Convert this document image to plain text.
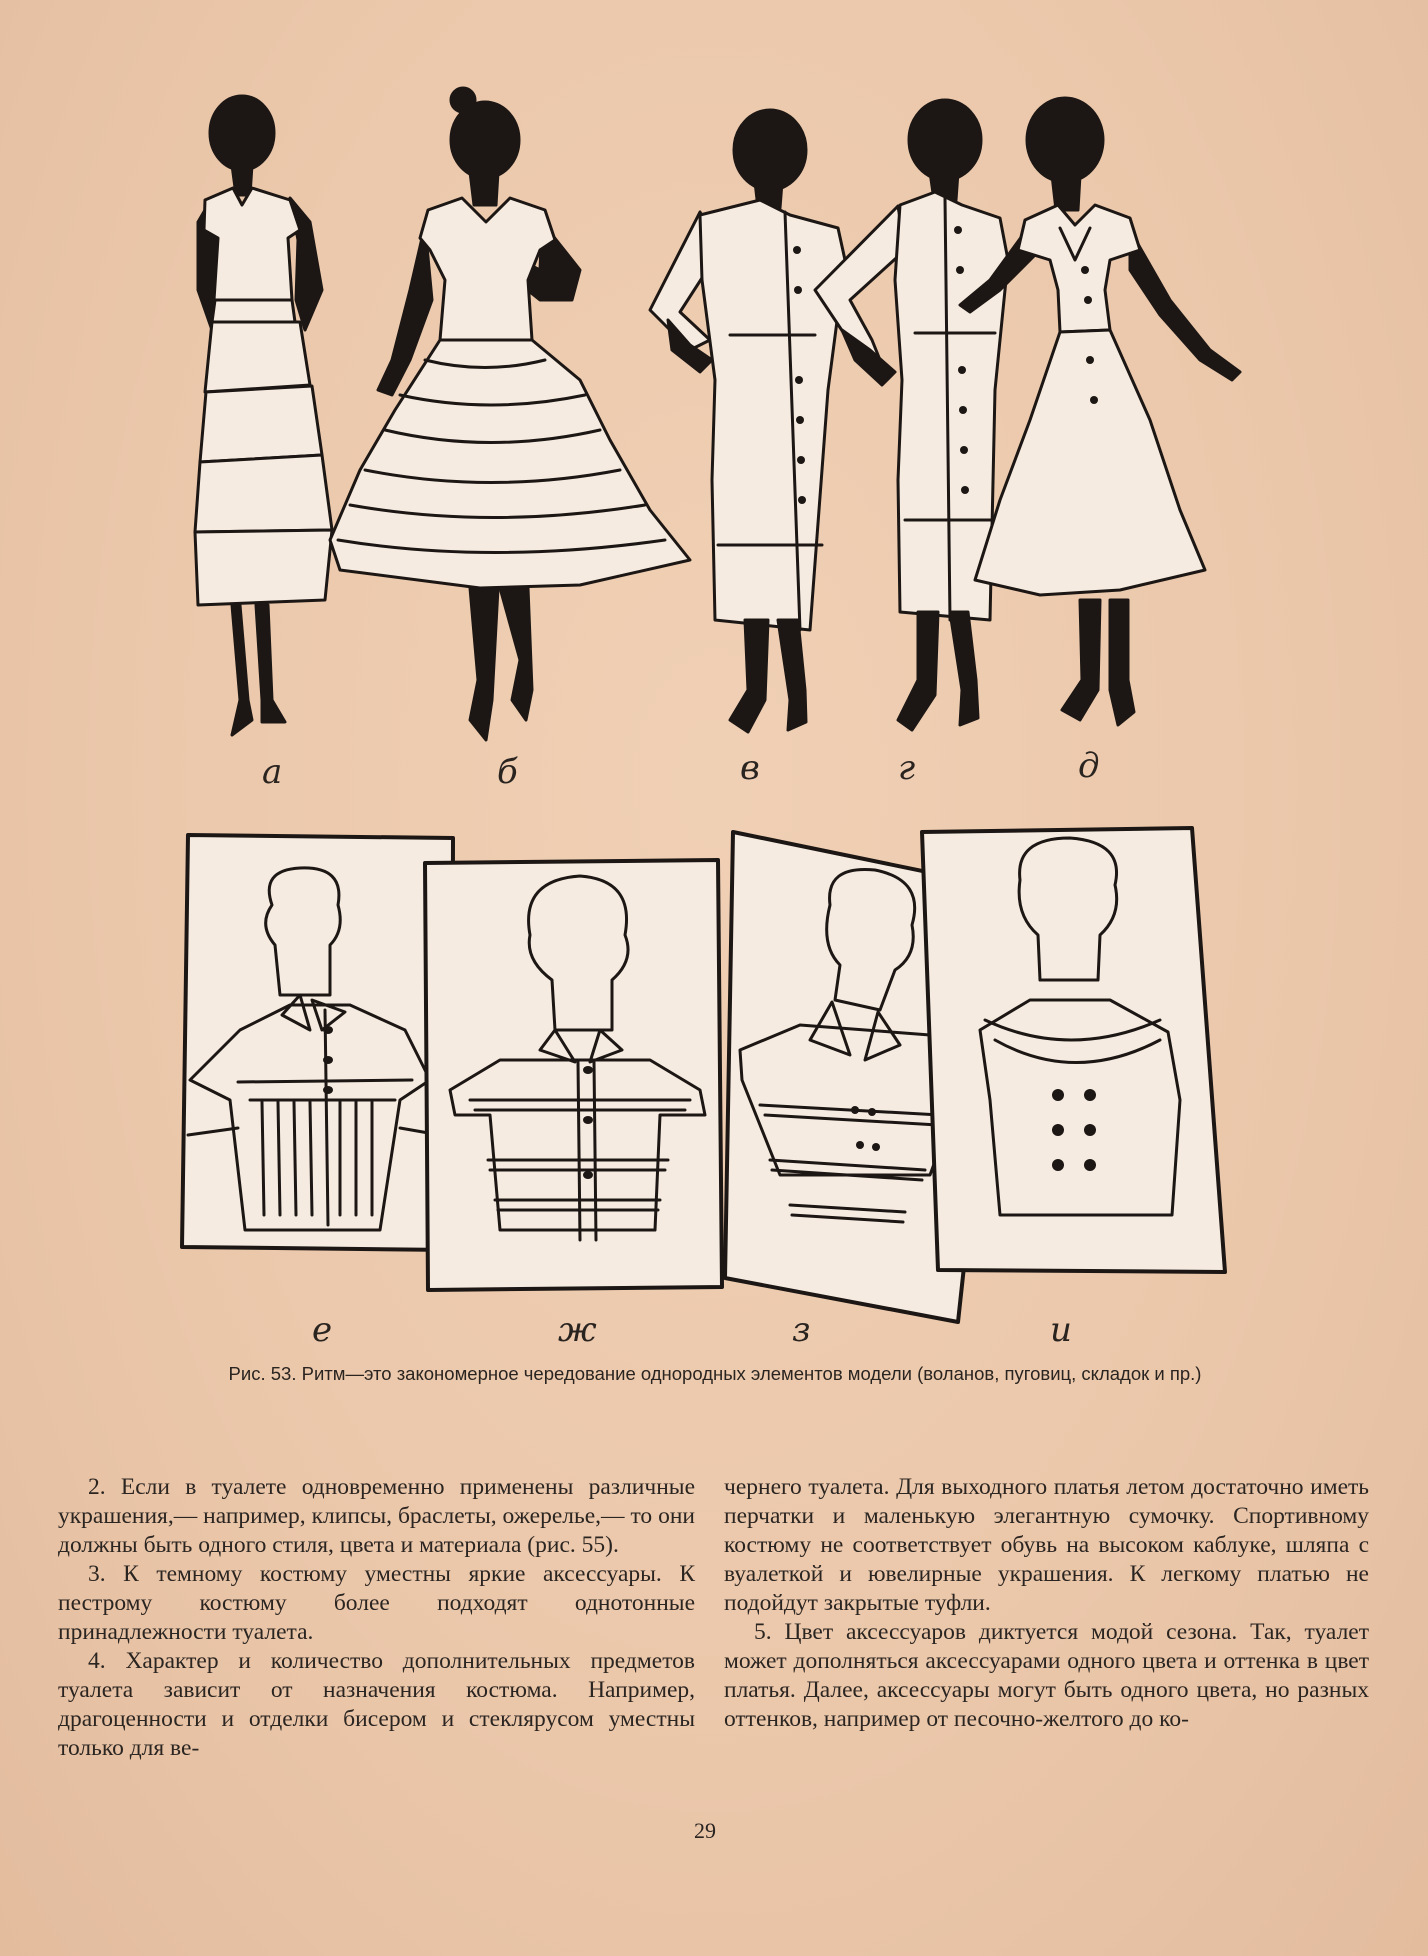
а	б	в	г	д
е	ж	з	и
Рис. 53. Ритм—это закономерное чередование однородных элементов модели (воланов, пуговиц, складок и пр.)

2. Если в туалете одновременно применены различные украшения,— например, клипсы, браслеты, ожерелье,— то они должны быть одного стиля, цвета и материала (рис. 55).

3. К темному костюму уместны яркие аксессуары. К пестрому костюму более подходят однотонные принадлежности туалета.

4. Характер и количество дополнительных предметов туалета зависит от назначения костюма. Например, драгоценности и отделки бисером и стеклярусом уместны только для ве-

чернего туалета. Для выходного платья летом достаточно иметь перчатки и маленькую элегантную сумочку. Спортивному костюму не соответствует обувь на высоком каблуке, шляпа с вуалеткой и ювелирные украшения. К легкому платью не подойдут закрытые туфли.

5. Цвет аксессуаров диктуется модой сезона. Так, туалет может дополняться аксессуарами одного цвета и оттенка в цвет платья. Далее, аксессуары могут быть одного цвета, но разных оттенков, например от песочно-желтого до ко-

29
